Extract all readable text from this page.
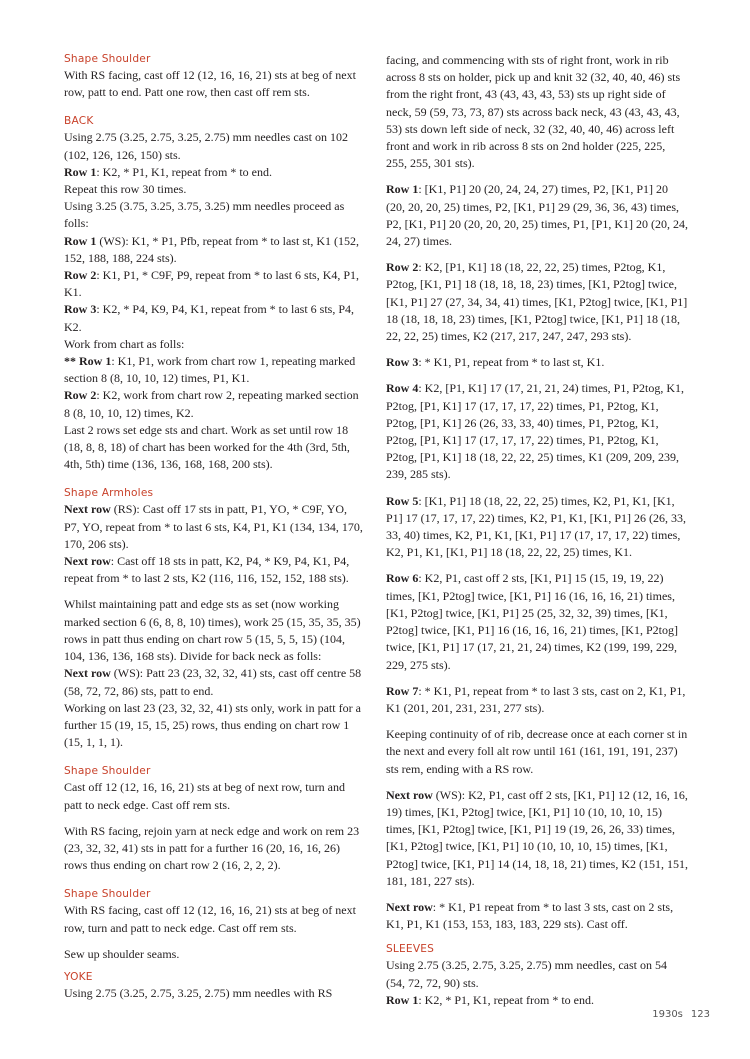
Shape Shoulder

With RS facing, cast off 12 (12, 16, 16, 21) sts at beg of next row, patt to end. Patt one row, then cast off rem sts.

BACK

Using 2.75 (3.25, 2.75, 3.25, 2.75) mm needles cast on 102 (102, 126, 126, 150) sts.

Row 1: K2, * P1, K1, repeat from * to end.

Repeat this row 30 times.

Using 3.25 (3.75, 3.25, 3.75, 3.25) mm needles proceed as folls:

Row 1 (WS): K1, * P1, Pfb, repeat from * to last st, K1 (152, 152, 188, 188, 224 sts).

Row 2: K1, P1, * C9F, P9, repeat from * to last 6 sts, K4, P1, K1.

Row 3: K2, * P4, K9, P4, K1, repeat from * to last 6 sts, P4, K2.

Work from chart as folls:

** Row 1: K1, P1, work from chart row 1, repeating marked section 8 (8, 10, 10, 12) times, P1, K1.

Row 2: K2, work from chart row 2, repeating marked section 8 (8, 10, 10, 12) times, K2.

Last 2 rows set edge sts and chart. Work as set until row 18 (18, 8, 8, 18) of chart has been worked for the 4th (3rd, 5th, 4th, 5th) time (136, 136, 168, 168, 200 sts).

Shape Armholes

Next row (RS): Cast off 17 sts in patt, P1, YO, * C9F, YO, P7, YO, repeat from * to last 6 sts, K4, P1, K1 (134, 134, 170, 170, 206 sts).

Next row: Cast off 18 sts in patt, K2, P4, * K9, P4, K1, P4, repeat from * to last 2 sts, K2 (116, 116, 152, 152, 188 sts).

Whilst maintaining patt and edge sts as set (now working marked section 6 (6, 8, 8, 10) times), work 25 (15, 35, 35, 35) rows in patt thus ending on chart row 5 (15, 5, 5, 15) (104, 104, 136, 136, 168 sts). Divide for back neck as folls:

Next row (WS): Patt 23 (23, 32, 32, 41) sts, cast off centre 58 (58, 72, 72, 86) sts, patt to end.

Working on last 23 (23, 32, 32, 41) sts only, work in patt for a further 15 (19, 15, 15, 25) rows, thus ending on chart row 1 (15, 1, 1, 1).

Shape Shoulder

Cast off 12 (12, 16, 16, 21) sts at beg of next row, turn and patt to neck edge. Cast off rem sts.

With RS facing, rejoin yarn at neck edge and work on rem 23 (23, 32, 32, 41) sts in patt for a further 16 (20, 16, 16, 26) rows thus ending on chart row 2 (16, 2, 2, 2).

Shape Shoulder

With RS facing, cast off 12 (12, 16, 16, 21) sts at beg of next row, turn and patt to neck edge. Cast off rem sts.

Sew up shoulder seams.

YOKE

Using 2.75 (3.25, 2.75, 3.25, 2.75) mm needles with RS

facing, and commencing with sts of right front, work in rib across 8 sts on holder, pick up and knit 32 (32, 40, 40, 46) sts from the right front, 43 (43, 43, 43, 53) sts up right side of neck, 59 (59, 73, 73, 87) sts across back neck, 43 (43, 43, 43, 53) sts down left side of neck, 32 (32, 40, 40, 46) across left front and work in rib across 8 sts on 2nd holder (225, 225, 255, 255, 301 sts).

Row 1: [K1, P1] 20 (20, 24, 24, 27) times, P2, [K1, P1] 20 (20, 20, 20, 25) times, P2, [K1, P1] 29 (29, 36, 36, 43) times, P2, [K1, P1] 20 (20, 20, 20, 25) times, P1, [P1, K1] 20 (20, 24, 24, 27) times.

Row 2: K2, [P1, K1] 18 (18, 22, 22, 25) times, P2tog, K1, P2tog, [K1, P1] 18 (18, 18, 18, 23) times, [K1, P2tog] twice, [K1, P1] 27 (27, 34, 34, 41) times, [K1, P2tog] twice, [K1, P1] 18 (18, 18, 18, 23) times, [K1, P2tog] twice, [K1, P1] 18 (18, 22, 22, 25) times, K2 (217, 217, 247, 247, 293 sts).

Row 3: * K1, P1, repeat from * to last st, K1.

Row 4: K2, [P1, K1] 17 (17, 21, 21, 24) times, P1, P2tog, K1, P2tog, [P1, K1] 17 (17, 17, 17, 22) times, P1, P2tog, K1, P2tog, [P1, K1] 26 (26, 33, 33, 40) times, P1, P2tog, K1, P2tog, [P1, K1] 17 (17, 17, 17, 22) times, P1, P2tog, K1, P2tog, [P1, K1] 18 (18, 22, 22, 25) times, K1 (209, 209, 239, 239, 285 sts).

Row 5: [K1, P1] 18 (18, 22, 22, 25) times, K2, P1, K1, [K1, P1] 17 (17, 17, 17, 22) times, K2, P1, K1, [K1, P1] 26 (26, 33, 33, 40) times, K2, P1, K1, [K1, P1] 17 (17, 17, 17, 22) times, K2, P1, K1, [K1, P1] 18 (18, 22, 22, 25) times, K1.

Row 6: K2, P1, cast off 2 sts, [K1, P1] 15 (15, 19, 19, 22) times, [K1, P2tog] twice, [K1, P1] 16 (16, 16, 16, 21) times, [K1, P2tog] twice, [K1, P1] 25 (25, 32, 32, 39) times, [K1, P2tog] twice, [K1, P1] 16 (16, 16, 16, 21) times, [K1, P2tog] twice, [K1, P1] 17 (17, 21, 21, 24) times, K2 (199, 199, 229, 229, 275 sts).

Row 7: * K1, P1, repeat from * to last 3 sts, cast on 2, K1, P1, K1 (201, 201, 231, 231, 277 sts).

Keeping continuity of of rib, decrease once at each corner st in the next and every foll alt row until 161 (161, 191, 191, 237) sts rem, ending with a RS row.

Next row (WS): K2, P1, cast off 2 sts, [K1, P1] 12 (12, 16, 16, 19) times, [K1, P2tog] twice, [K1, P1] 10 (10, 10, 10, 15) times, [K1, P2tog] twice, [K1, P1] 19 (19, 26, 26, 33) times, [K1, P2tog] twice, [K1, P1] 10 (10, 10, 10, 15) times, [K1, P2tog] twice, [K1, P1] 14 (14, 18, 18, 21) times, K2 (151, 151, 181, 181, 227 sts).

Next row: * K1, P1 repeat from * to last 3 sts, cast on 2 sts, K1, P1, K1 (153, 153, 183, 183, 229 sts). Cast off.

SLEEVES

Using 2.75 (3.25, 2.75, 3.25, 2.75) mm needles, cast on 54 (54, 72, 72, 90) sts.

Row 1: K2, * P1, K1, repeat from * to end.

1930s 123
